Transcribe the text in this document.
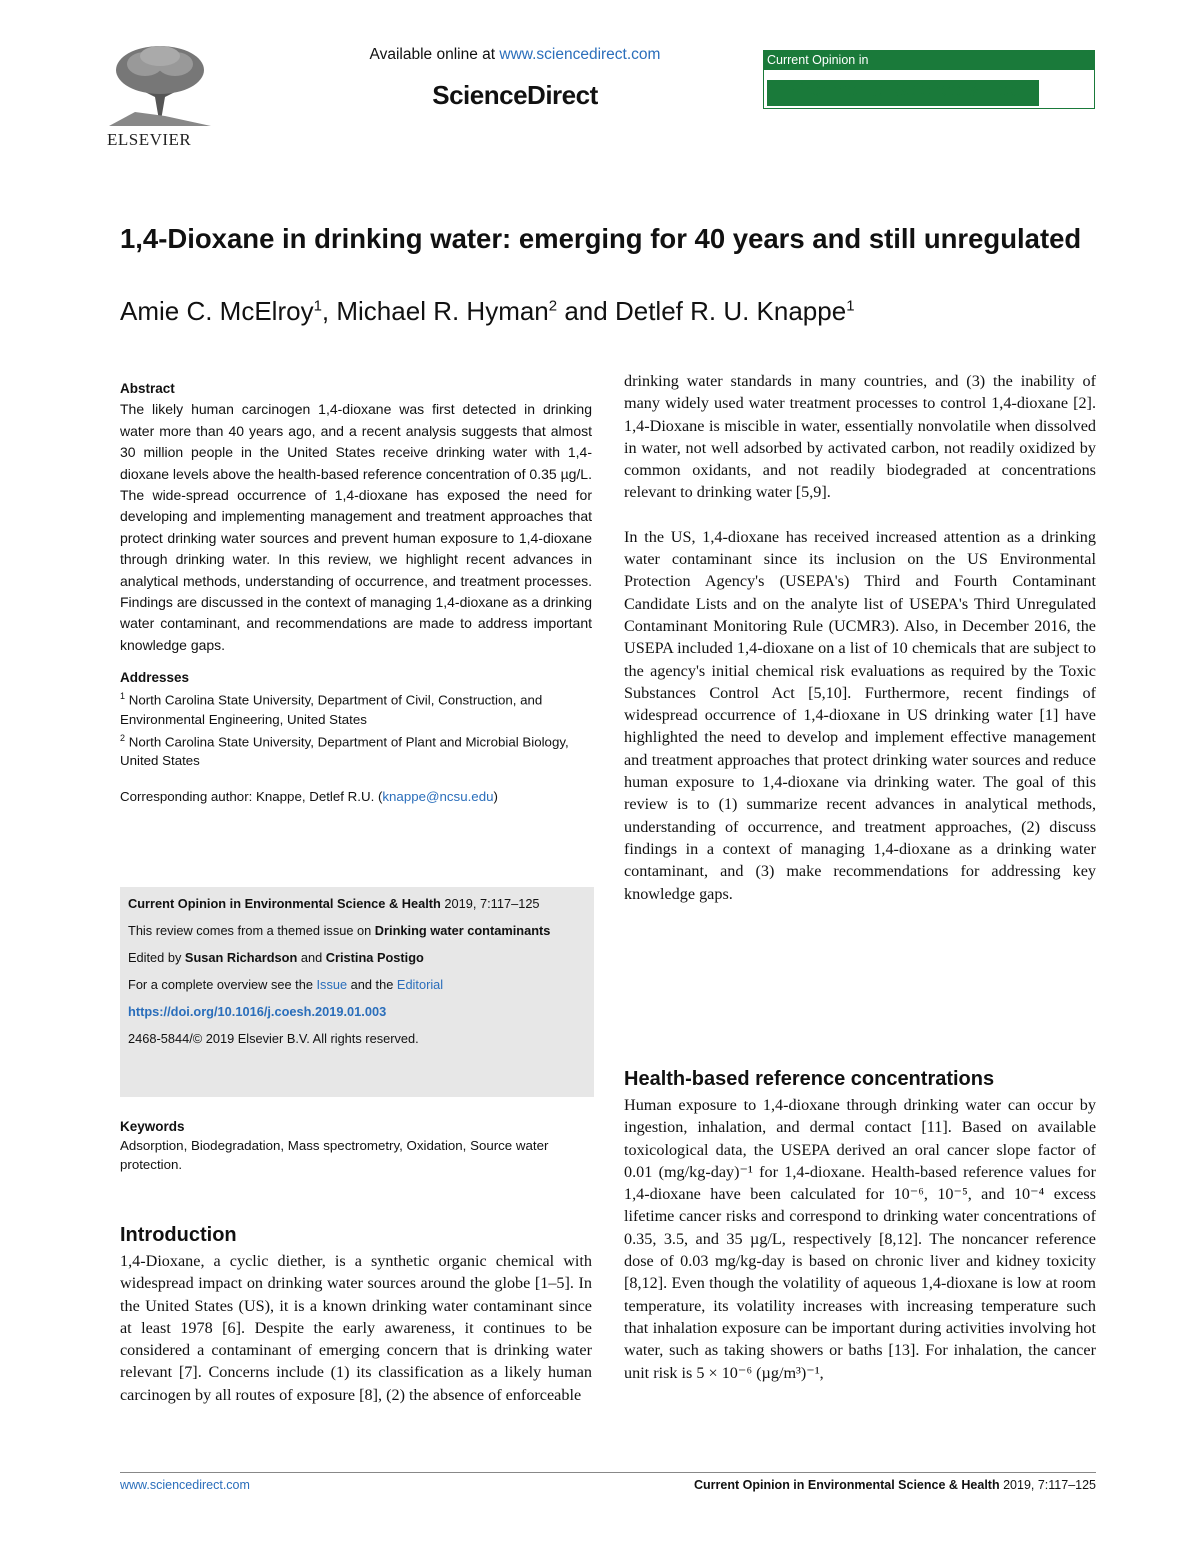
ELSEVIER
Available online at www.sciencedirect.com
ScienceDirect
Current Opinion in
Environmental Science & Health
1,4-Dioxane in drinking water: emerging for 40 years and still unregulated
Amie C. McElroy$^1$, Michael R. Hyman$^2$ and Detlef R. U. Knappe$^1$
Abstract
The likely human carcinogen 1,4-dioxane was first detected in drinking water more than 40 years ago, and a recent analysis suggests that almost 30 million people in the United States receive drinking water with 1,4-dioxane levels above the health-based reference concentration of 0.35 µg/L. The wide-spread occurrence of 1,4-dioxane has exposed the need for developing and implementing management and treatment approaches that protect drinking water sources and prevent human exposure to 1,4-dioxane through drinking water. In this review, we highlight recent advances in analytical methods, understanding of occurrence, and treatment processes. Findings are discussed in the context of managing 1,4-dioxane as a drinking water contaminant, and recommendations are made to address important knowledge gaps.
Addresses
$^1$ North Carolina State University, Department of Civil, Construction, and Environmental Engineering, United States
$^2$ North Carolina State University, Department of Plant and Microbial Biology, United States
Corresponding author: Knappe, Detlef R.U. (knappe@ncsu.edu)

Current Opinion in Environmental Science & Health 2019, 7:117–125

This review comes from a themed issue on Drinking water contaminants

Edited by Susan Richardson and Cristina Postigo

For a complete overview see the Issue and the Editorial

https://doi.org/10.1016/j.coesh.2019.01.003

2468-5844/© 2019 Elsevier B.V. All rights reserved.

Keywords
Adsorption, Biodegradation, Mass spectrometry, Oxidation, Source water protection.
Introduction
1,4-Dioxane, a cyclic diether, is a synthetic organic chemical with widespread impact on drinking water sources around the globe [1–5]. In the United States (US), it is a known drinking water contaminant since at least 1978 [6]. Despite the early awareness, it continues to be considered a contaminant of emerging concern that is drinking water relevant [7]. Concerns include (1) its classification as a likely human carcinogen by all routes of exposure [8], (2) the absence of enforceable

drinking water standards in many countries, and (3) the inability of many widely used water treatment processes to control 1,4-dioxane [2]. 1,4-Dioxane is miscible in water, essentially nonvolatile when dissolved in water, not well adsorbed by activated carbon, not readily oxidized by common oxidants, and not readily biodegraded at concentrations relevant to drinking water [5,9].

In the US, 1,4-dioxane has received increased attention as a drinking water contaminant since its inclusion on the US Environmental Protection Agency's (USEPA's) Third and Fourth Contaminant Candidate Lists and on the analyte list of USEPA's Third Unregulated Contaminant Monitoring Rule (UCMR3). Also, in December 2016, the USEPA included 1,4-dioxane on a list of 10 chemicals that are subject to the agency's initial chemical risk evaluations as required by the Toxic Substances Control Act [5,10]. Furthermore, recent findings of widespread occurrence of 1,4-dioxane in US drinking water [1] have highlighted the need to develop and implement effective management and treatment approaches that protect drinking water sources and reduce human exposure to 1,4-dioxane via drinking water. The goal of this review is to (1) summarize recent advances in analytical methods, understanding of occurrence, and treatment approaches, (2) discuss findings in a context of managing 1,4-dioxane as a drinking water contaminant, and (3) make recommendations for addressing key knowledge gaps.

Health-based reference concentrations
Human exposure to 1,4-dioxane through drinking water can occur by ingestion, inhalation, and dermal contact [11]. Based on available toxicological data, the USEPA derived an oral cancer slope factor of 0.01 (mg/kg-day)⁻¹ for 1,4-dioxane. Health-based reference values for 1,4-dioxane have been calculated for 10⁻⁶, 10⁻⁵, and 10⁻⁴ excess lifetime cancer risks and correspond to drinking water concentrations of 0.35, 3.5, and 35 µg/L, respectively [8,12]. The noncancer reference dose of 0.03 mg/kg-day is based on chronic liver and kidney toxicity [8,12]. Even though the volatility of aqueous 1,4-dioxane is low at room temperature, its volatility increases with increasing temperature such that inhalation exposure can be important during activities involving hot water, such as taking showers or baths [13]. For inhalation, the cancer unit risk is 5 × 10⁻⁶ (µg/m³)⁻¹,
www.sciencedirect.com	Current Opinion in Environmental Science & Health 2019, 7:117–125
